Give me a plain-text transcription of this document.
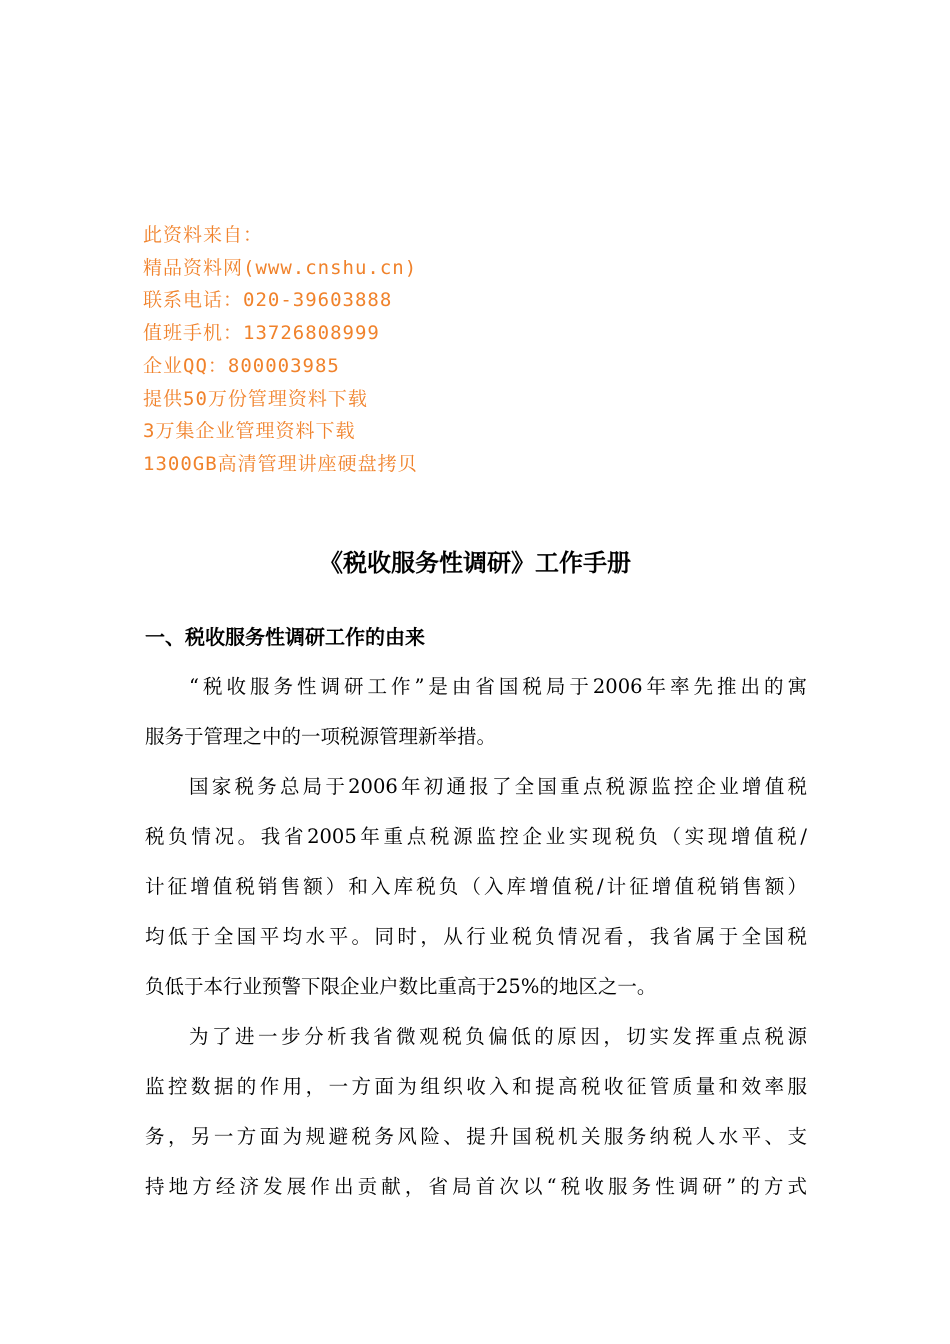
此资料来自：
精品资料网(www.cnshu.cn)
联系电话：020-39603888
值班手机：13726808999
企业QQ：800003985
提供50万份管理资料下载
3万集企业管理资料下载
1300GB高清管理讲座硬盘拷贝
《税收服务性调研》工作手册
一、税收服务性调研工作的由来
“税收服务性调研工作”是由省国税局于2006年率先推出的寓
服务于管理之中的一项税源管理新举措。
国家税务总局于2006年初通报了全国重点税源监控企业增值税
税负情况。我省2005年重点税源监控企业实现税负（实现增值税/
计征增值税销售额）和入库税负（入库增值税/计征增值税销售额）
均低于全国平均水平。同时，从行业税负情况看，我省属于全国税
负低于本行业预警下限企业户数比重高于25%的地区之一。
为了进一步分析我省微观税负偏低的原因，切实发挥重点税源
监控数据的作用，一方面为组织收入和提高税收征管质量和效率服
务，另一方面为规避税务风险、提升国税机关服务纳税人水平、支
持地方经济发展作出贡献，省局首次以“税收服务性调研”的方式
